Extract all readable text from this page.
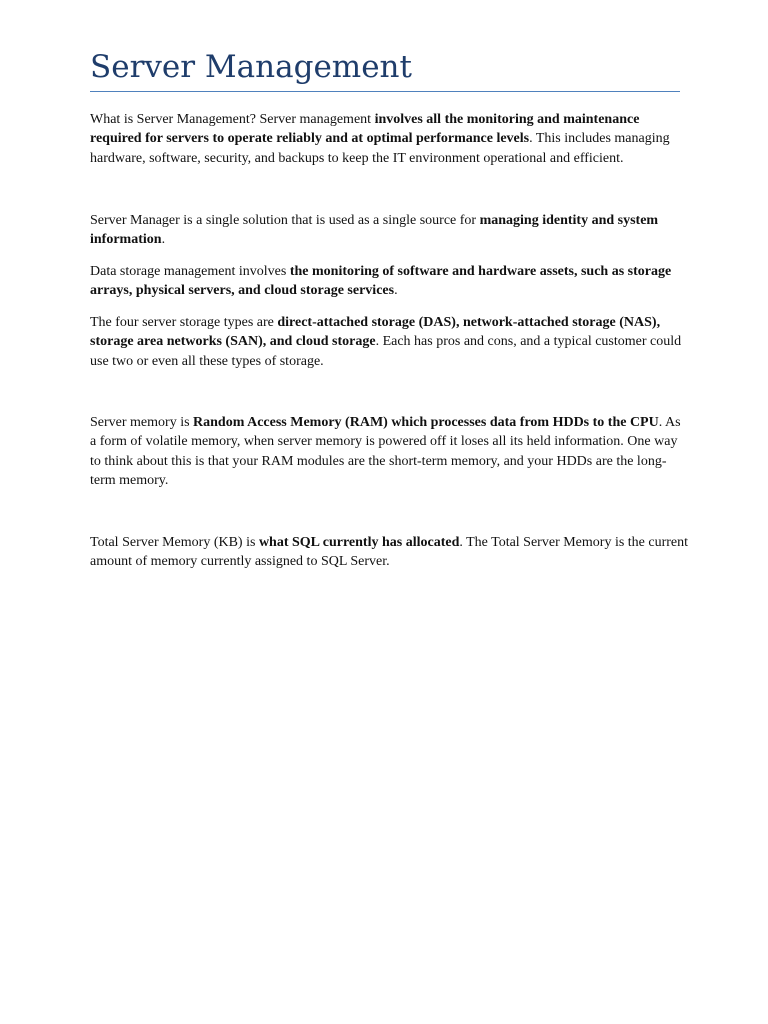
Server Management

What is Server Management? Server management involves all the monitoring and maintenance required for servers to operate reliably and at optimal performance levels. This includes managing hardware, software, security, and backups to keep the IT environment operational and efficient.

Server Manager is a single solution that is used as a single source for managing identity and system information.

Data storage management involves the monitoring of software and hardware assets, such as storage arrays, physical servers, and cloud storage services.

The four server storage types are direct-attached storage (DAS), network-attached storage (NAS), storage area networks (SAN), and cloud storage. Each has pros and cons, and a typical customer could use two or even all these types of storage.

Server memory is Random Access Memory (RAM) which processes data from HDDs to the CPU. As a form of volatile memory, when server memory is powered off it loses all its held information. One way to think about this is that your RAM modules are the short-term memory, and your HDDs are the long-term memory.

Total Server Memory (KB) is what SQL currently has allocated. The Total Server Memory is the current amount of memory currently assigned to SQL Server.
